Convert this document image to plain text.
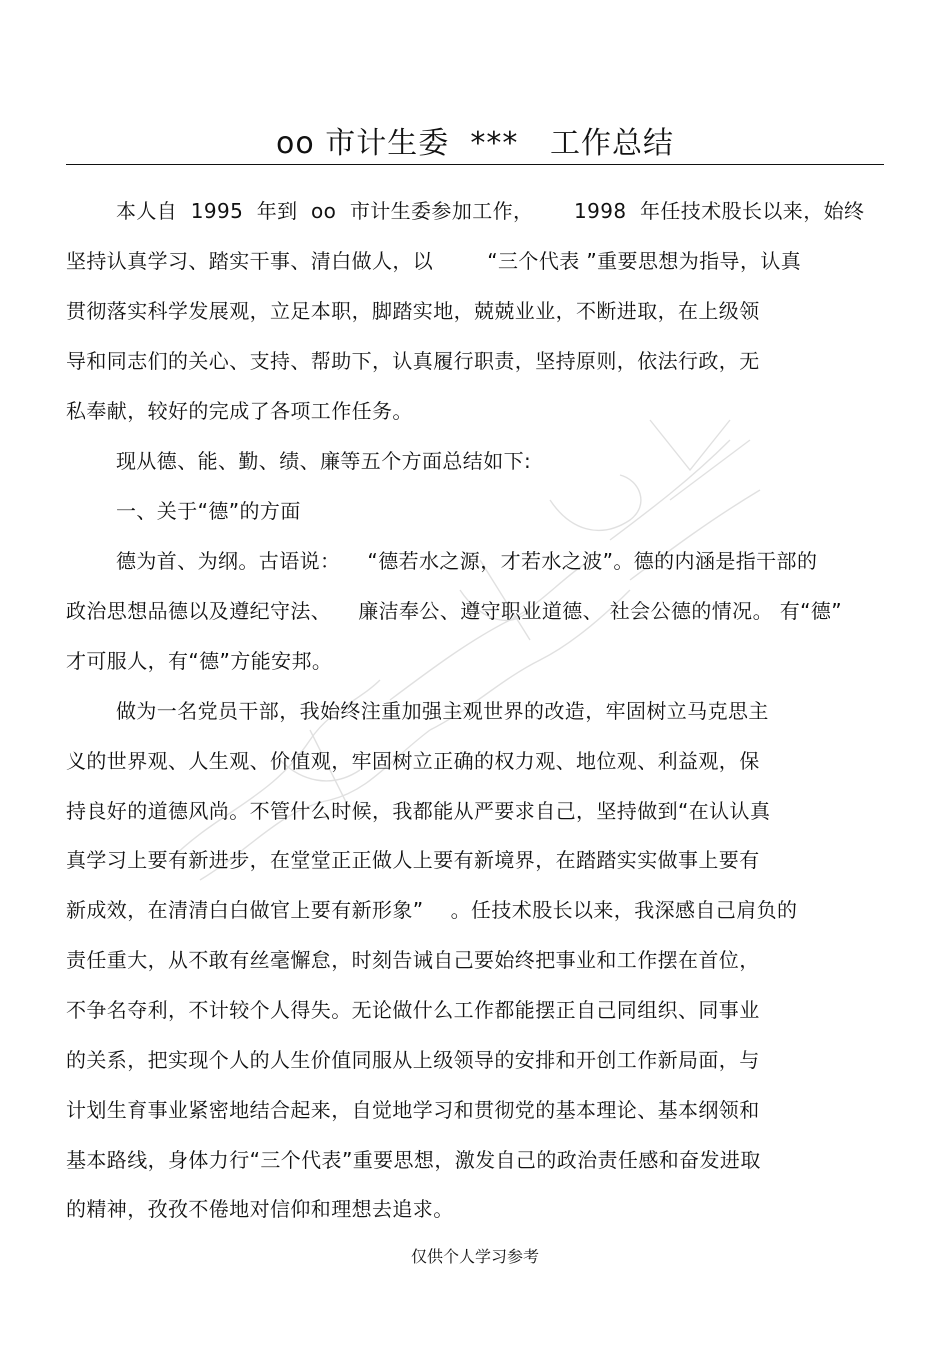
oo 市计生委  ***   工作总结
本人自  1995  年到  oo  市计生委参加工作，      1998  年任技术股长以来，始终
坚持认真学习、踏实干事、清白做人，以        “三个代表 ”重要思想为指导，认真
贯彻落实科学发展观，立足本职，脚踏实地，兢兢业业，不断进取，在上级领
导和同志们的关心、支持、帮助下，认真履行职责，坚持原则，依法行政，无
私奉献，较好的完成了各项工作任务。
现从德、能、勤、绩、廉等五个方面总结如下:
一、关于“德”的方面
德为首、为纲。古语说：    “德若水之源，才若水之波”。德的内涵是指干部的
政治思想品德以及遵纪守法、    廉洁奉公、遵守职业道德、 社会公德的情况。 有“德”
才可服人，有“德”方能安邦。
做为一名党员干部，我始终注重加强主观世界的改造，牢固树立马克思主
义的世界观、人生观、价值观，牢固树立正确的权力观、地位观、利益观，保
持良好的道德风尚。不管什么时候，我都能从严要求自己，坚持做到“在认认真
真学习上要有新进步，在堂堂正正做人上要有新境界，在踏踏实实做事上要有
新成效，在清清白白做官上要有新形象”    。任技术股长以来，我深感自己肩负的
责任重大，从不敢有丝毫懈怠，时刻告诫自己要始终把事业和工作摆在首位，
不争名夺利，不计较个人得失。无论做什么工作都能摆正自己同组织、同事业
的关系，把实现个人的人生价值同服从上级领导的安排和开创工作新局面，与
计划生育事业紧密地结合起来，自觉地学习和贯彻党的基本理论、基本纲领和
基本路线，身体力行“三个代表”重要思想，激发自己的政治责任感和奋发进取
的精神，孜孜不倦地对信仰和理想去追求。
仅供个人学习参考
